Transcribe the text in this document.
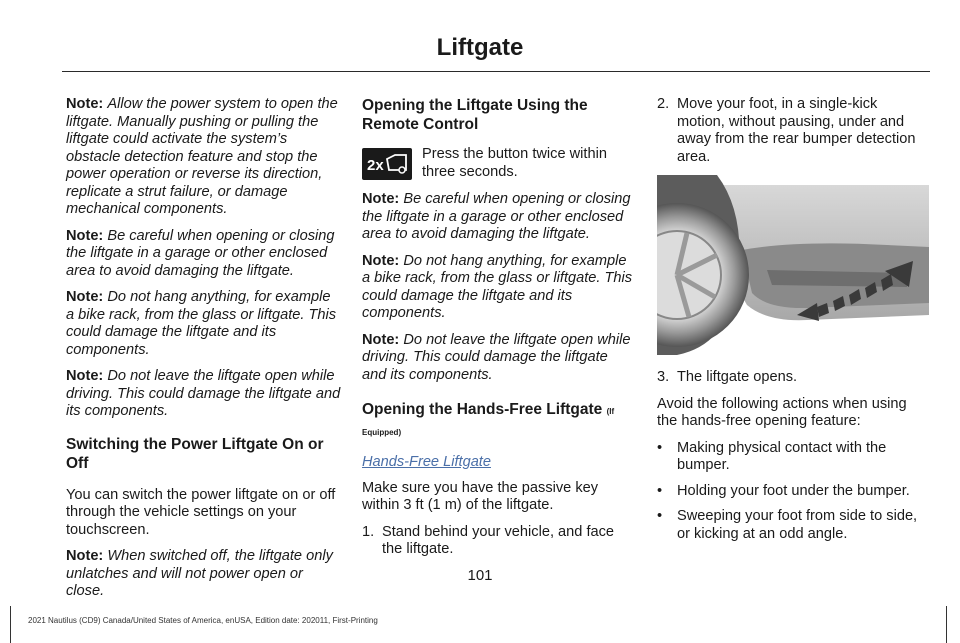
Liftgate

Note: Allow the power system to open the liftgate. Manually pushing or pulling the liftgate could activate the system’s obstacle detection feature and stop the power operation or reverse its direction, replicate a strut failure, or damage mechanical components.

Note: Be careful when opening or closing the liftgate in a garage or other enclosed area to avoid damaging the liftgate.

Note: Do not hang anything, for example a bike rack, from the glass or liftgate. This could damage the liftgate and its components.

Note: Do not leave the liftgate open while driving. This could damage the liftgate and its components.

Switching the Power Liftgate On or Off

You can switch the power liftgate on or off through the vehicle settings on your touchscreen.

Note: When switched off, the liftgate only unlatches and will not power open or close.

Opening the Liftgate Using the Remote Control
2x
Press the button twice within three seconds.

Note: Be careful when opening or closing the liftgate in a garage or other enclosed area to avoid damaging the liftgate.

Note: Do not hang anything, for example a bike rack, from the glass or liftgate. This could damage the liftgate and its components.

Note: Do not leave the liftgate open while driving. This could damage the liftgate and its components.

Opening the Hands-Free Liftgate (If Equipped)

Hands-Free Liftgate

Make sure you have the passive key within 3 ft (1 m) of the liftgate.

1. Stand behind your vehicle, and face the liftgate.
2. Move your foot, in a single-kick motion, without pausing, under and away from the rear bumper detection area.
3. The liftgate opens.

Avoid the following actions when using the hands-free opening feature:

•	Making physical contact with the bumper.
•	Holding your foot under the bumper.
•	Sweeping your foot from side to side, or kicking at an odd angle.
101
2021 Nautilus (CD9) Canada/United States of America, enUSA, Edition date: 202011, First-Printing
